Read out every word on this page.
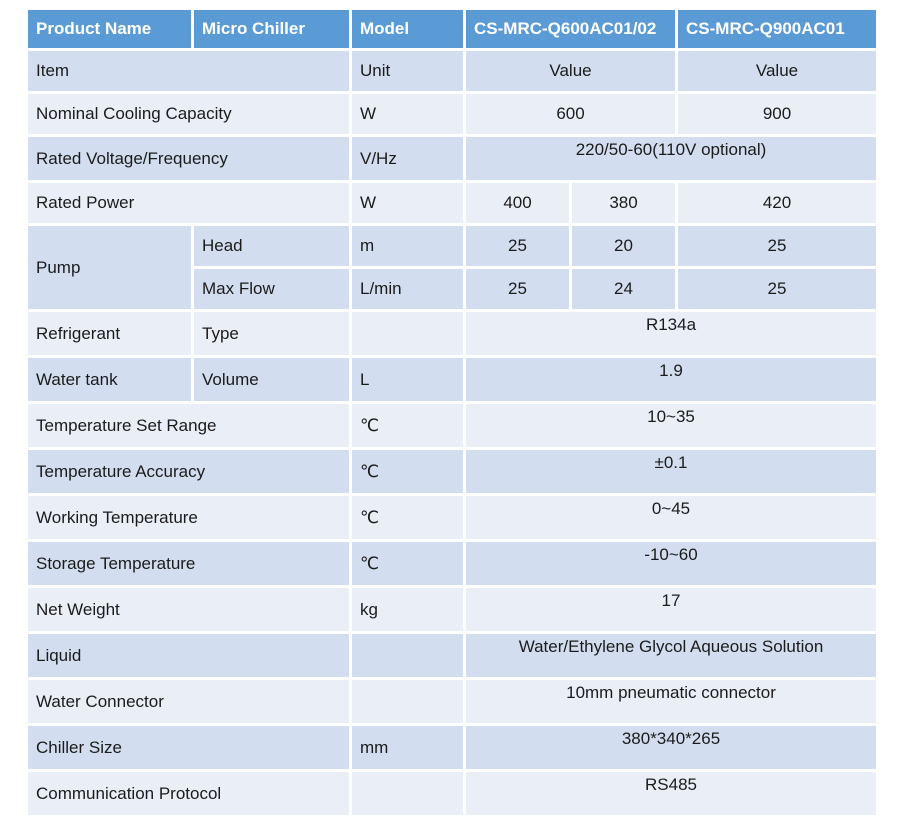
Product Name	Micro Chiller	Model	CS-MRC-Q600AC01/02		CS-MRC-Q900AC01
Item		Unit	Value		Value
Nominal Cooling Capacity		W	600		900
Rated Voltage/Frequency		V/Hz	220/50-60(110V optional)		
Rated Power		W	400	380	420
Pump	Head	m	25	20	25
	Max Flow	L/min	25	24	25
Refrigerant	Type		R134a		
Water tank	Volume	L	1.9		
Temperature Set Range		℃	10~35		
Temperature Accuracy		℃	±0.1		
Working Temperature		℃	0~45		
Storage Temperature		℃	-10~60		
Net Weight		kg	17		
Liquid			Water/Ethylene Glycol Aqueous Solution		
Water Connector			10mm pneumatic connector		
Chiller Size		mm	380*340*265		
Communication Protocol			RS485		
